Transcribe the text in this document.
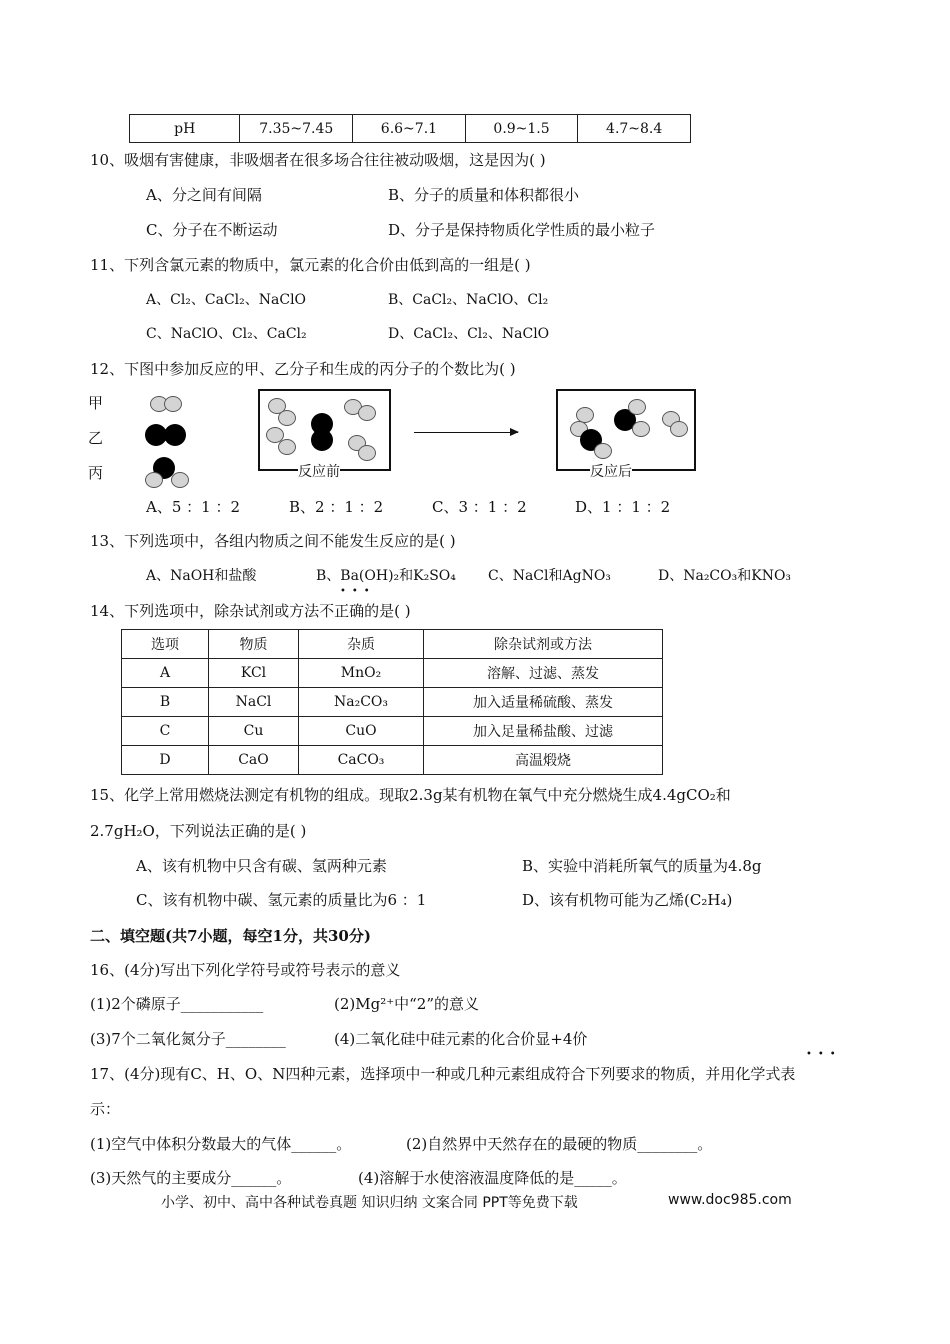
pH	7.35~7.45	6.6~7.1	0.9~1.5	4.7~8.4
10、吸烟有害健康，非吸烟者在很多场合往往被动吸烟，这是因为( )
A、分之间有间隔	B、分子的质量和体积都很小
C、分子在不断运动	D、分子是保持物质化学性质的最小粒子
11、下列含氯元素的物质中，氯元素的化合价由低到高的一组是( )
A、Cl₂、CaCl₂、NaClO	B、CaCl₂、NaClO、Cl₂
C、NaClO、Cl₂、CaCl₂	D、CaCl₂、Cl₂、NaClO
12、下图中参加反应的甲、乙分子和生成的丙分子的个数比为( )
甲
乙
丙	反应前	反应后
A、5 ：1 ：2	B、2 ：1 ：2	C、3 ：1 ：2	D、1 ：1 ：2
13、下列选项中，各组内物质之间不能发生反应的是( )
A、NaOH和盐酸	B、Ba(OH)₂和K₂SO₄ C、NaCl和AgNO₃	D、Na₂CO₃和KNO₃
•••
14、下列选项中，除杂试剂或方法不正确的是( )
选项	物质	杂质	除杂试剂或方法
A	KCl	MnO₂	溶解、过滤、蒸发
B	NaCl	Na₂CO₃	加入适量稀硫酸、蒸发
C	Cu	CuO	加入足量稀盐酸、过滤
D	CaO	CaCO₃	高温煅烧
15、化学上常用燃烧法测定有机物的组成。现取2.3g某有机物在氧气中充分燃烧生成4.4gCO₂和
2.7gH₂O，下列说法正确的是( )
A、该有机物中只含有碳、氢两种元素	B、实验中消耗所氧气的质量为4.8g
C、该有机物中碳、氢元素的质量比为6 ：1	D、该有机物可能为乙烯(C₂H₄)
二、填空题(共7小题，每空1分，共30分)
16、(4分)写出下列化学符号或符号表示的意义
(1)2个磷原子___________	(2)Mg²⁺中“2”的意义
(3)7个二氧化氮分子________	(4)二氧化硅中硅元素的化合价显+4价
•••
17、(4分)现有C、H、O、N四种元素，选择项中一种或几种元素组成符合下列要求的物质，并用化学式表
示：
(1)空气中体积分数最大的气体______。	(2)自然界中天然存在的最硬的物质________。
(3)天然气的主要成分______。	(4)溶解于水使溶液温度降低的是_____。
小学、初中、高中各种试卷真题 知识归纳 文案合同 PPT等免费下载	www.doc985.com
